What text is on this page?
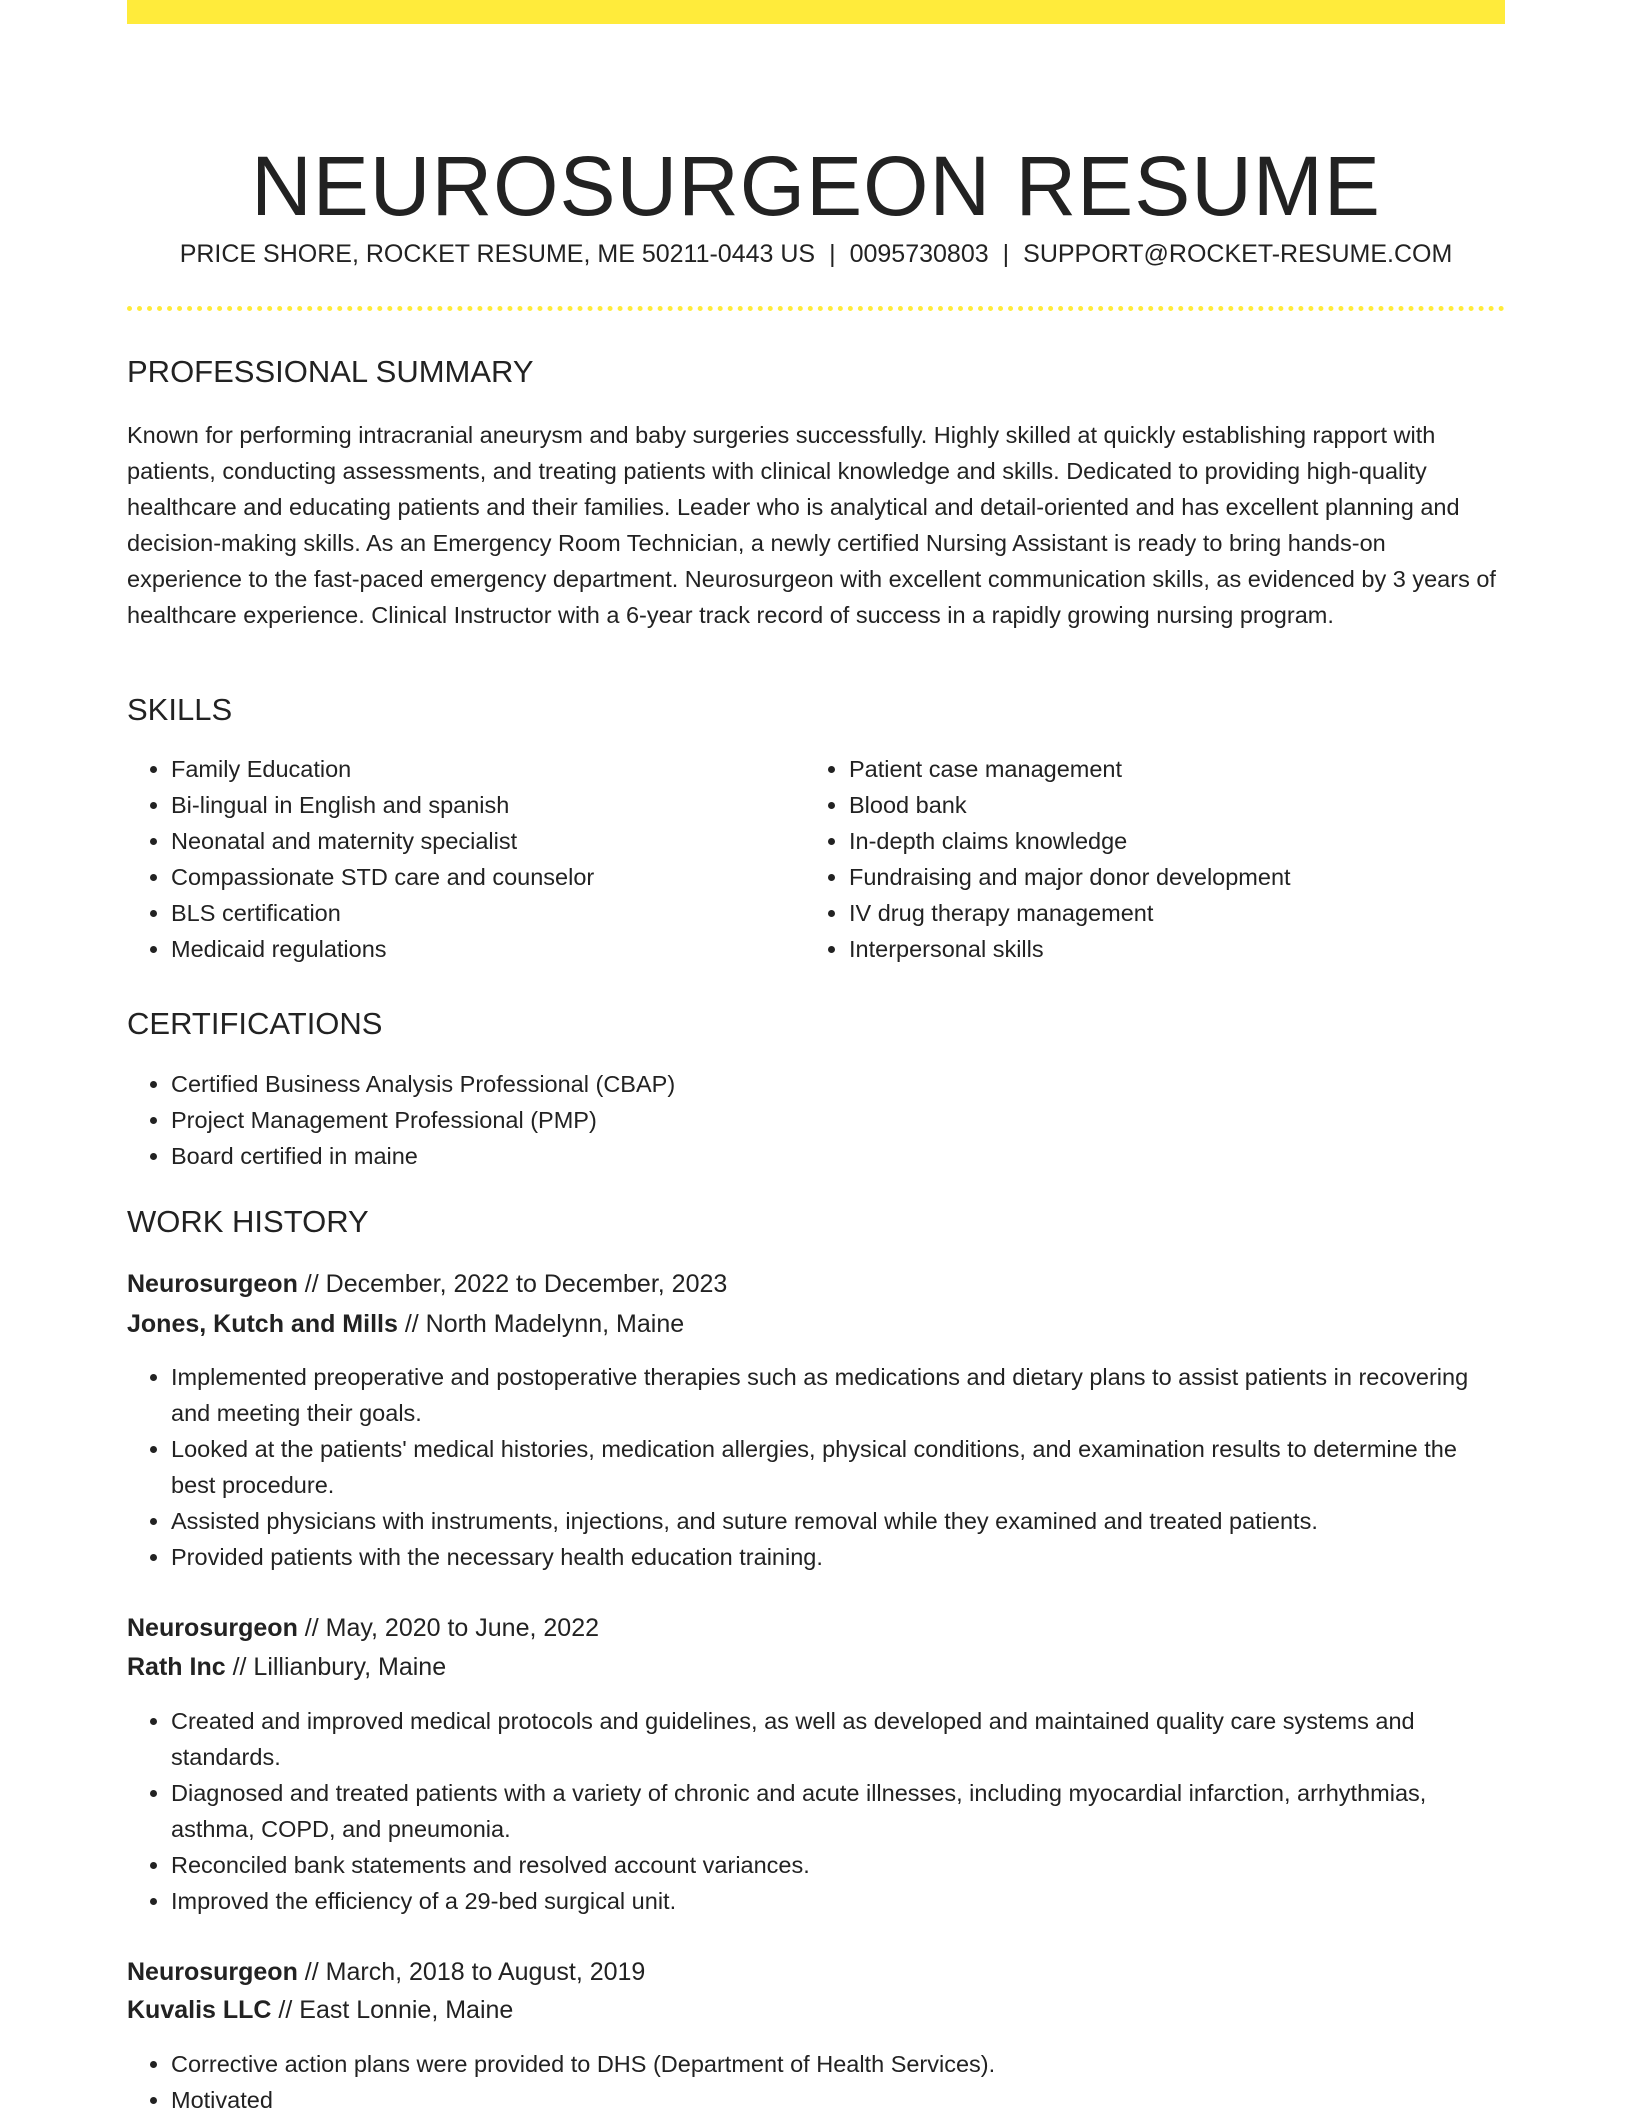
NEUROSURGEON RESUME
PRICE SHORE, ROCKET RESUME, ME 50211-0443 US | 0095730803 | SUPPORT@ROCKET-RESUME.COM
PROFESSIONAL SUMMARY

Known for performing intracranial aneurysm and baby surgeries successfully. Highly skilled at quickly establishing rapport with patients, conducting assessments, and treating patients with clinical knowledge and skills. Dedicated to providing high-quality healthcare and educating patients and their families. Leader who is analytical and detail-oriented and has excellent planning and decision-making skills. As an Emergency Room Technician, a newly certified Nursing Assistant is ready to bring hands-on experience to the fast-paced emergency department. Neurosurgeon with excellent communication skills, as evidenced by 3 years of healthcare experience. Clinical Instructor with a 6-year track record of success in a rapidly growing nursing program.

SKILLS
• Family Education
• Bi-lingual in English and spanish
• Neonatal and maternity specialist
• Compassionate STD care and counselor
• BLS certification
• Medicaid regulations
• Patient case management
• Blood bank
• In-depth claims knowledge
• Fundraising and major donor development
• IV drug therapy management
• Interpersonal skills
CERTIFICATIONS
• Certified Business Analysis Professional (CBAP)
• Project Management Professional (PMP)
• Board certified in maine
WORK HISTORY
Neurosurgeon // December, 2022 to December, 2023
Jones, Kutch and Mills // North Madelynn, Maine
• Implemented preoperative and postoperative therapies such as medications and dietary plans to assist patients in recovering and meeting their goals.
• Looked at the patients' medical histories, medication allergies, physical conditions, and examination results to determine the best procedure.
• Assisted physicians with instruments, injections, and suture removal while they examined and treated patients.
• Provided patients with the necessary health education training.
Neurosurgeon // May, 2020 to June, 2022
Rath Inc // Lillianbury, Maine
• Created and improved medical protocols and guidelines, as well as developed and maintained quality care systems and standards.
• Diagnosed and treated patients with a variety of chronic and acute illnesses, including myocardial infarction, arrhythmias, asthma, COPD, and pneumonia.
• Reconciled bank statements and resolved account variances.
• Improved the efficiency of a 29-bed surgical unit.
Neurosurgeon // March, 2018 to August, 2019
Kuvalis LLC // East Lonnie, Maine
• Corrective action plans were provided to DHS (Department of Health Services).
• Motivated
